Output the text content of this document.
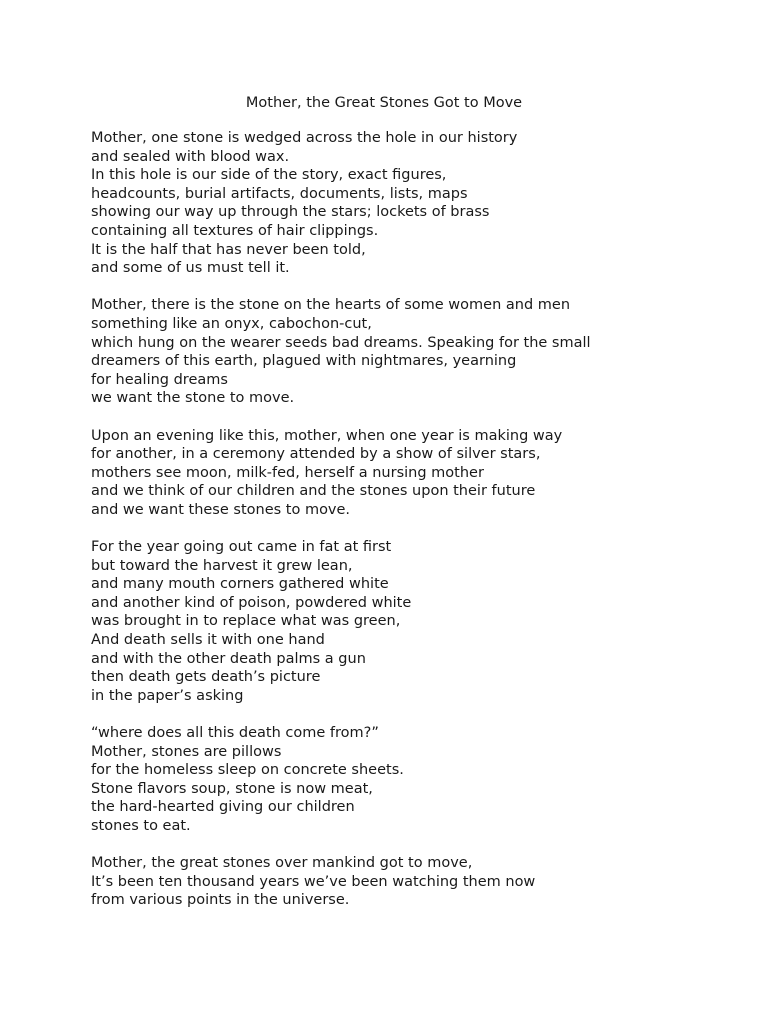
Mother, the Great Stones Got to Move
Mother, one stone is wedged across the hole in our history
and sealed with blood wax.
In this hole is our side of the story, exact figures,
headcounts, burial artifacts, documents, lists, maps
showing our way up through the stars; lockets of brass
containing all textures of hair clippings.
It is the half that has never been told,
and some of us must tell it.
Mother, there is the stone on the hearts of some women and men
something like an onyx, cabochon-cut,
which hung on the wearer seeds bad dreams. Speaking for the small
dreamers of this earth, plagued with nightmares, yearning
for healing dreams
we want the stone to move.
Upon an evening like this, mother, when one year is making way
for another, in a ceremony attended by a show of silver stars,
mothers see moon, milk-fed, herself a nursing mother
and we think of our children and the stones upon their future
and we want these stones to move.
For the year going out came in fat at first
but toward the harvest it grew lean,
and many mouth corners gathered white
and another kind of poison, powdered white
was brought in to replace what was green,
And death sells it with one hand
and with the other death palms a gun
then death gets death’s picture
in the paper’s asking
“where does all this death come from?”
Mother, stones are pillows
for the homeless sleep on concrete sheets.
Stone flavors soup, stone is now meat,
the hard-hearted giving our children
stones to eat.
Mother, the great stones over mankind got to move,
It’s been ten thousand years we’ve been watching them now
from various points in the universe.
